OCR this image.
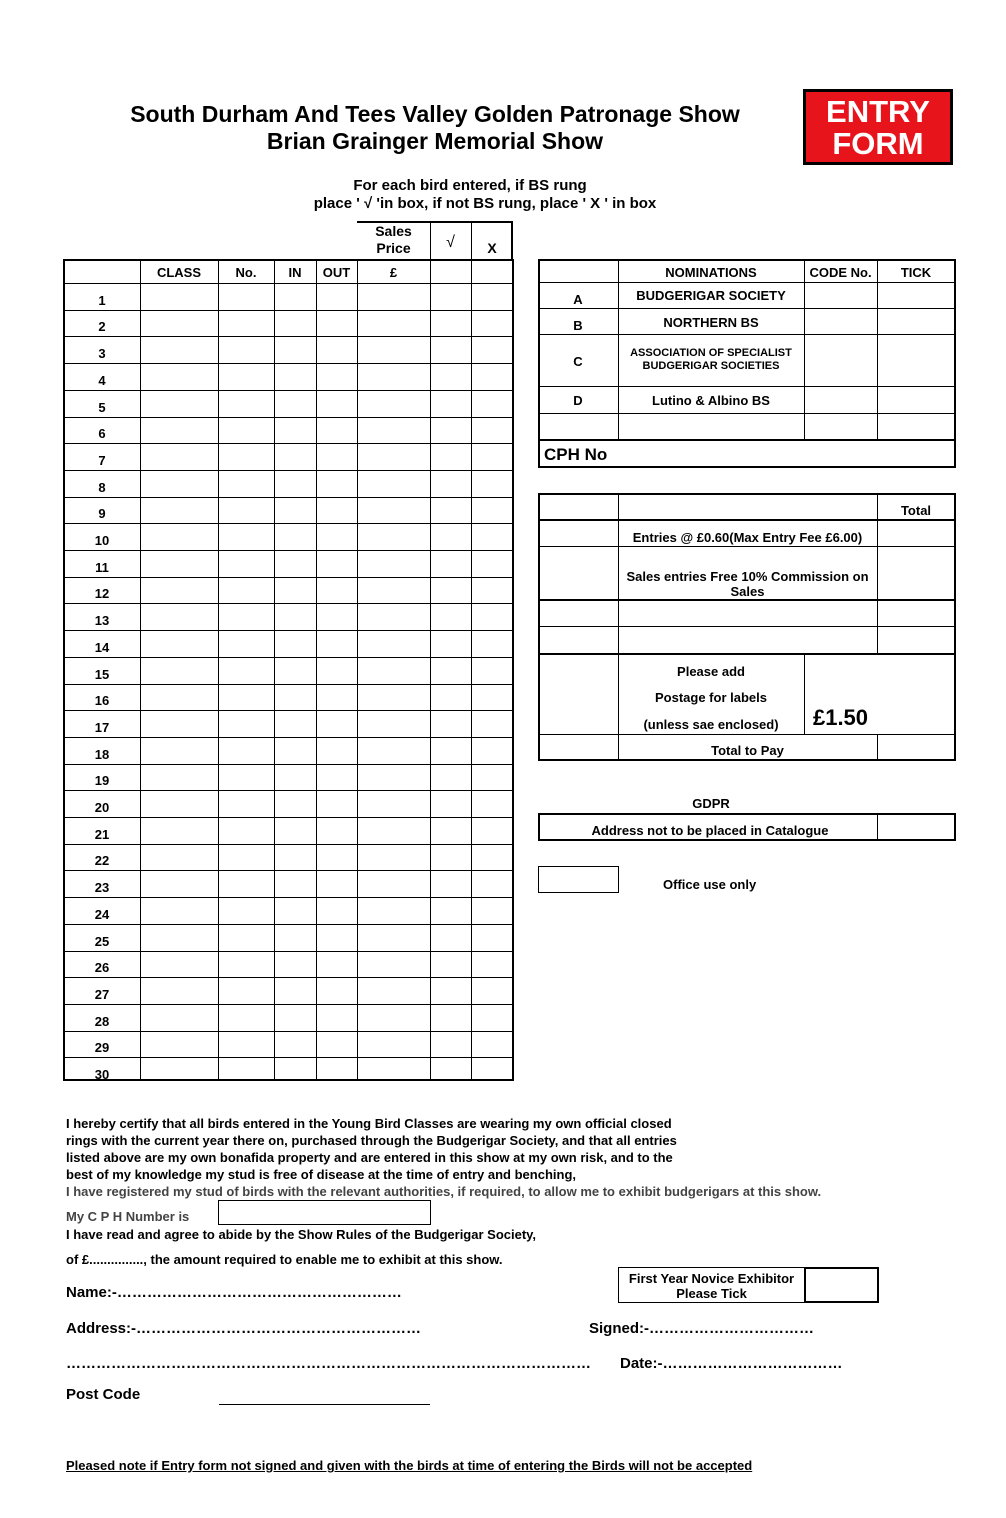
South Durham And Tees Valley Golden Patronage Show
Brian Grainger Memorial Show
ENTRY
FORM
For each bird entered, if BS rung
place ' √ 'in box, if not BS rung, place ' X ' in box
Sales
Price	√	X
CLASS	No.	IN	OUT	£
1
2
3
4
5
6
7
8
9
10
11
12
13
14
15
16
17
18
19
20
21
22
23
24
25
26
27
28
29
30
NOMINATIONS	CODE No.	TICK
A	BUDGERIGAR SOCIETY
B	NORTHERN BS
C
ASSOCIATION OF SPECIALIST
BUDGERIGAR SOCIETIES
D	Lutino & Albino BS
CPH No
Total
Entries @ £0.60(Max Entry Fee £6.00)
Sales entries Free 10% Commission on
Sales
Please add
Postage for labels
(unless sae enclosed)	£1.50
Total to Pay
GDPR
Address not to be placed in Catalogue
Office use only
I hereby certify that all birds entered in the Young Bird Classes are wearing my own official closed
rings with the current year there on, purchased through the Budgerigar Society, and that all entries
listed above are my own bonafida property and are entered in this show at my own risk, and to the
best of my knowledge my stud is free of disease at the time of entry and benching,
I have registered my stud of birds with the relevant authorities, if required, to allow me to exhibit budgerigars at this show.
My C P H Number is
I have read and agree to abide by the Show Rules of the Budgerigar Society,
of £..............., the amount required to enable me to exhibit at this show.
Name:-…………………………………………………
First Year Novice Exhibitor
Please Tick
Address:-…………………………………………………	Signed:-……………………………
…………………………………………………………………………………………… Date:-………………………………
Post Code
Pleased note if Entry form not signed and given with the birds at time of entering the Birds will not be accepted
